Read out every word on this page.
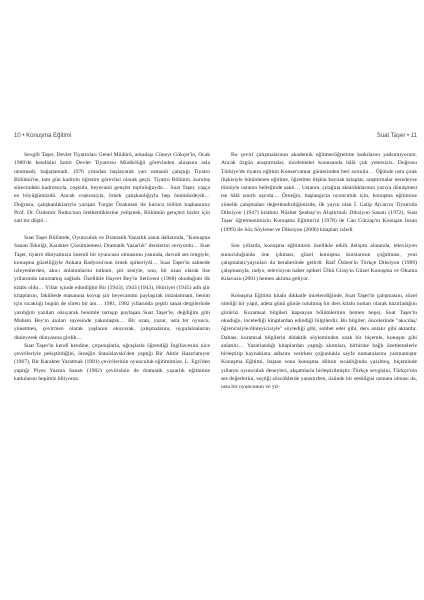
10 • Konuşma Eğitimi

Sevgili Taşer, Devlet Tiyatroları Genel Müdürü, arkadaşı Cüneyt Gökçer'in, Ocak 1980'de kendisini İzmir Devlet Tiyatrosu Müdürlüğü görevinden alınasını asla unutmadı, bağışlamadı. 1976 yılından başlayarak yarı zamanlı çalıştığı Tiyatro Bölümü'ne, tam gün kadrolu öğretim görevlisi olarak geçti. Tiyatro Bölümü, kuruluş sürecindeki kadrosuyla, coşkulu, heyecanlı gençler topluluğuydu… Suat Taşer, yaşça en büyüğümüzdü. Ancak coşkusuyla, örnek çalışkanlığıyla hep önümüzdeydi… Doğrusu, çalışkanlıklarıyla yarışan Turgut Özakman ile kurucu bölüm başkanımız Prof. Dr. Özdemir Nutku'nun üretkenliklerine yetişmek, Bölümün gençleri bizler için zati bir düştü…

Suat Taşer Bölümde, Oyunculuk ve Dramatik Yazarlık sanat dallarında, "Konuşma Sanatı Tekniği, Karakter Çözümlemesi, Dramatik Yazarlık" derslerini veriyordu… Suat Taşer, tiyatro dünyamızın önemli bir oyuncusu olmasının yanında, davudi ses rengiyle, konuşma güzelliğiyle Ankara Radyosu'nun örnek spikeriydi… Suat Taşer'in sahnede izleyenlerden, akıcı anlatımlarını tutkum, şiir sesiyle, onu, bir ozan olarak lise yıllarımda tanımamış sağladı. Özellikle Hayret Bey'in Serüveni (1968) okuduğum ilk kitabı oldu… Yıllar içinde edindiğim Bir (1943), 1943 (1943), Hürriyet (1945) adlı şiir kitaplarını, fakültede masanına koyup şiir heyecanımı paylaşırak imzalatmam, benim için sıcaklığı bugün de süren bir anı… 1981, 1982 yıllarında çeşitli sanat dergilerinde yazdığım yazıları okuyarak benimle tartışıp paylaşan Suat Taşer'le, değdiğim gibi Muhsin Bey'in anıları sayesinde yakınlaştık… Bir ozan, yazar, usta bir oyuncu, yönetmen, çevirmen olarak yaşlarını okuyarak, çalışmalarını, uygulamalarını dinleyerek dünyasına girdik…

Suat Taşer'in kendi kendine, çırpınışlarla, uğraşlarla öğrendiği İngilizcesini nice çevirileriyle pekiştirdiğini, örneğin Stanislavski'den yaptığı Bir Aktör Hazırlanıyor (1967), Bir Karakter Yaratmak (1981) çevirilerinin oyunculuk eğitimimize, L. Egri'den yaptığı Piyes Yazma Sanatı (1982) çevirisinin de dramatik yazarlık eğitimine katkılarını hepimiz biliyoruz.

Suat Taşer • 11

Bu çeviri çalışmalarının akademik eğitime/öğretime katkılarını yadsımıyorum. Ancak özgün araştırmalar, incelemeler konusunda hâlâ çok yetersiziz. Doğrusu Türkiye'de tiyatro eğitimi Konservatuar günlerinden beri sorunlu… Öğünde usta çırak ilişkisiyle bütünlenen eğitime, öğretime ilişkin kaynak kitaplar, araştırmalar neredeyse tümüyle ustanın belleğinde saklı… Ustanın, çırağına aktardıklarının yazıya dönüşmesi ise hâlâ sınırlı sayıda… Örneğin, başlangıcta oyunculuk için, konuşma eğitimine yönelik çalışmaları değerlendirdiğimizde, ilk yayın olan İ. Galip Arcan'ın Tiyatroda Diksiyon (1947) kitabını Nüzhet Şenbay'ın Alıştırmalı Diksiyon Sanatı (1972), Suat Taşer öğretmenimizin Konuşma Eğitimi'ni (1978) de Can Gürzap'ın Konuşan İnsan (1999) ile Söz Söyleme ve Diksiyon (2006) kitapları izledi.

Son yıllarda, konuşma eğitiminin özellikle etkili iletişim alanında, televizyon sunuculuğunda öne çıkması, güzel konuşma kurslarının çoğalması, yeni çalışmaları/yayınları da beraberinde getirdi: Raif Özben'in Türkçe Diksiyon (1989) çalışmasıyla, radyo, televizyon haber spikeri Ülkü Giray'ın Güzel Konuşma ve Okuma Kılavuzu (2001) hemen aklıma geliyor.

Konuşma Eğitimi kitabı dikkatle incelendiğinde, Suat Taşer'in çalışmasını, sözel niteliği bir yapıt, adeta günü günüe tutulmuş bir ders kitabı notları olarak hazırladığını görürüz. Kuramsal bilgileri kapsayan bölümlerinin hemen hepsi, Suat Taşer'in okuduğu, incelediği kitaplardan edindiği bilgilerdir. Bu bilgiler, öncelerinde "akıcılaş/öğrencisiyle/dinleyicisiyle" söylediği gibi, sohbet eder gibi, ders anlatır gibi aktardır. Dahası, kuramsal bilgilerin didaktik söyleminden uzak bir biçemle, konuşur gibi anlatılır… Yazarlandığı kitaplardan yaptığı alıntıları, birbirine bağlı özetlemelerle birleştirip kaynaklara adlarını verirken çoğunlukla sayfa numaralarını yazmamıştır Konuşma Eğitimi, baştan sona konuşma dilinin sıcaklığında yazılmış, biçeminde yıllarını oyunculuk deneyleri, akşamlarla birleştirilmiştir. Türkçe sevgisini, Türkçe'nin ses değerlerini, seçtiği sözcüklerde yansıtırken, özünde bir sesbilgisi uzmanı olması da, usta bir oyuncunun ve yıl-
